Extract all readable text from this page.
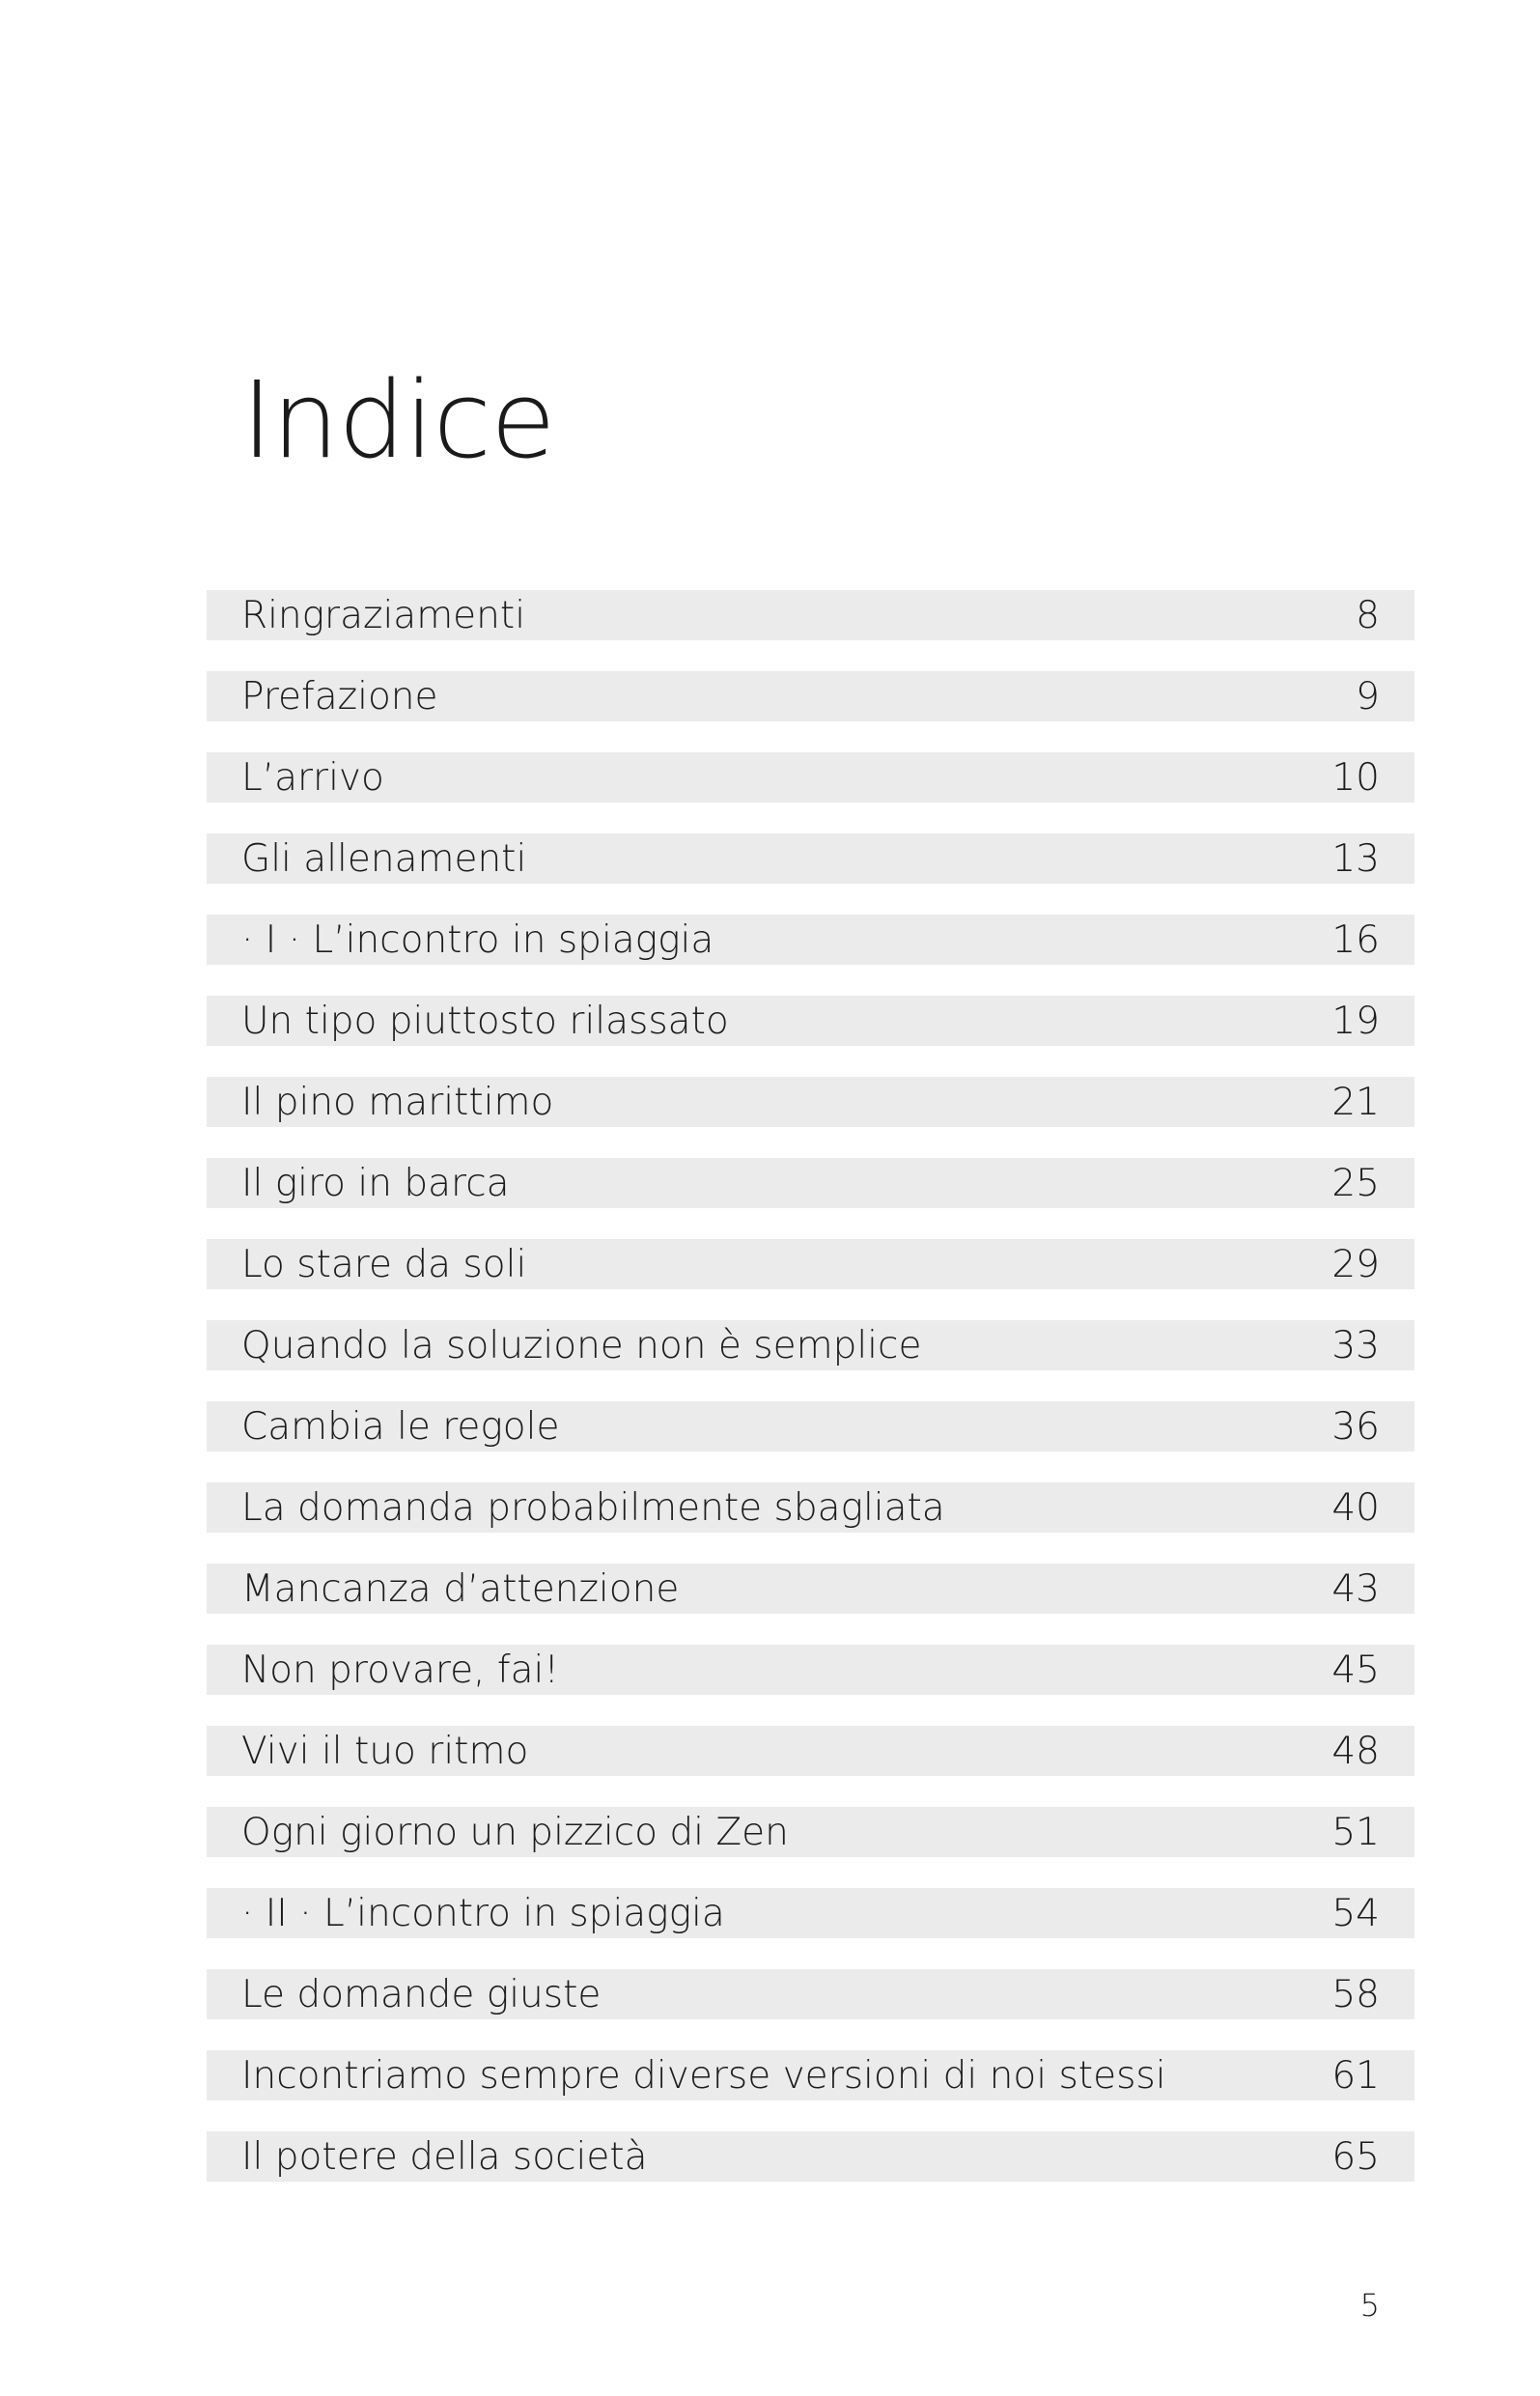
Indice
Ringraziamenti	8
Prefazione	9
L’arrivo	10
Gli allenamenti	13
· I · L’incontro in spiaggia	16
Un tipo piuttosto rilassato	19
Il pino marittimo	21
Il giro in barca	25
Lo stare da soli	29
Quando la soluzione non è semplice	33
Cambia le regole	36
La domanda probabilmente sbagliata	40
Mancanza d’attenzione	43
Non provare, fai!	45
Vivi il tuo ritmo	48
Ogni giorno un pizzico di Zen	51
· II · L’incontro in spiaggia	54
Le domande giuste	58
Incontriamo sempre diverse versioni di noi stessi	61
Il potere della società	65
5
